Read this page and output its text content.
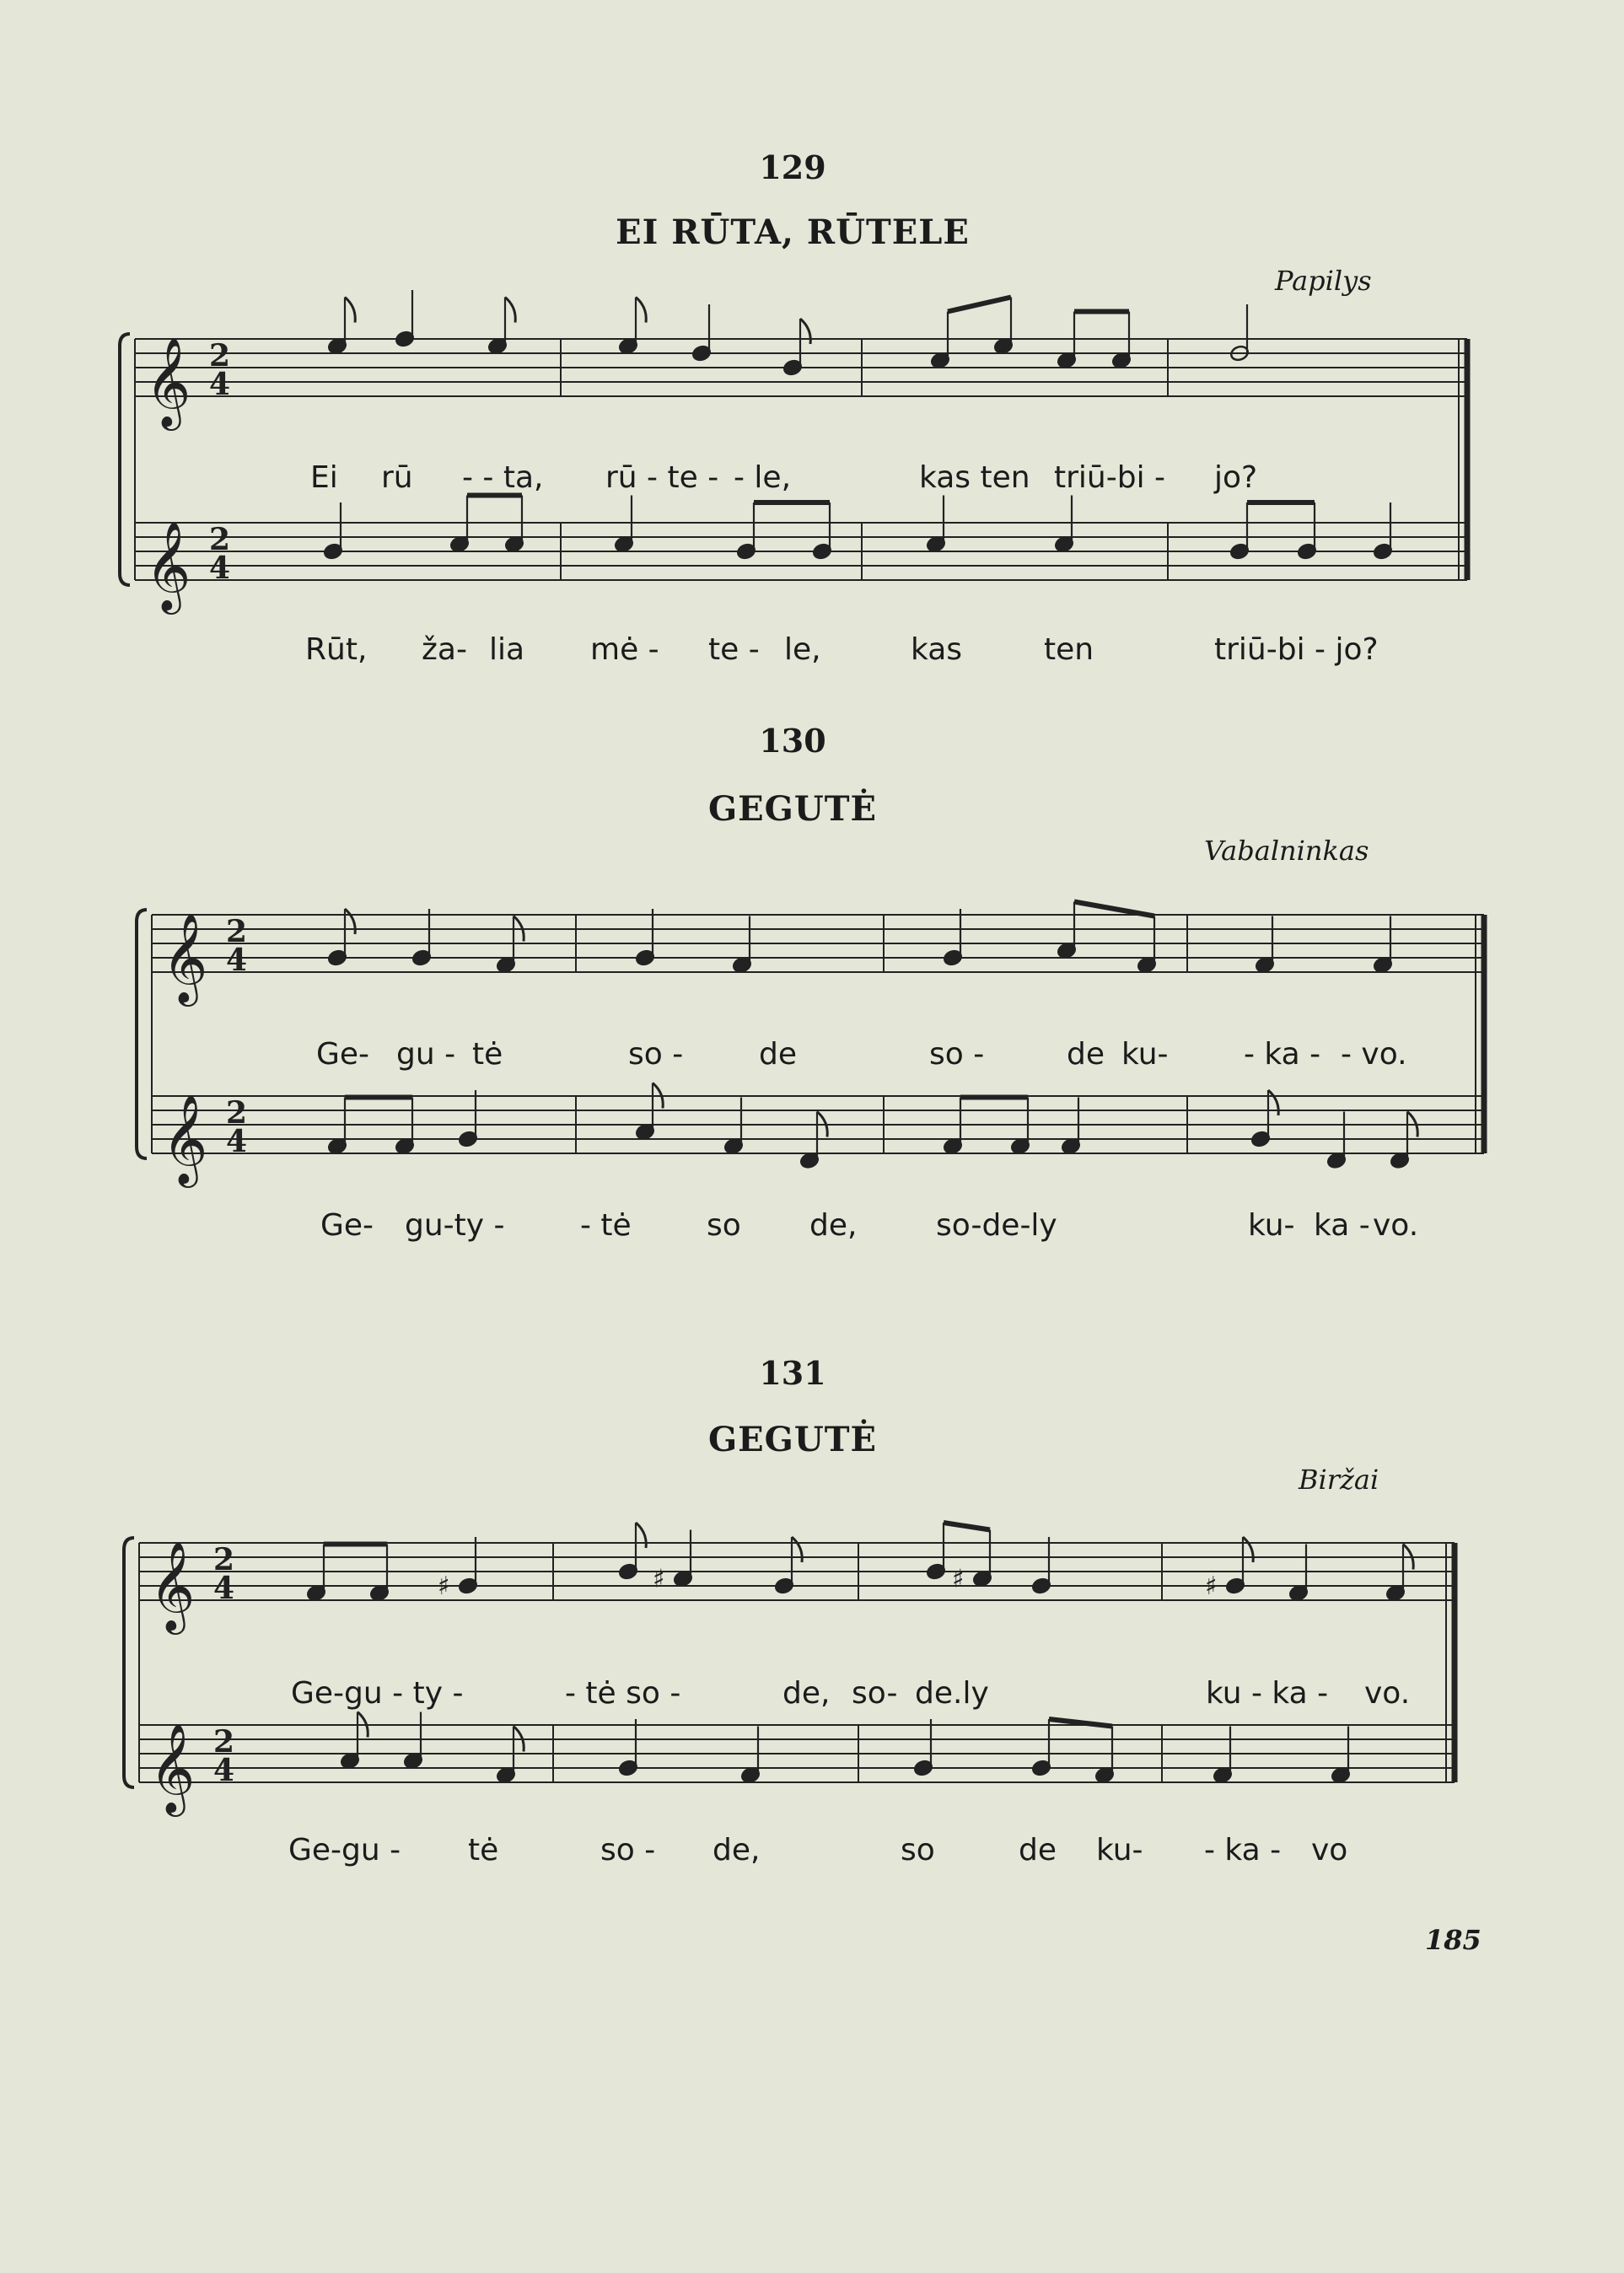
129
EI RŪTA, RŪTELE
Papilys
130
GEGUTĖ
Vabalninkas
131
GEGUTĖ
Biržai
185
𝄞 2
4
𝄞 2
4
𝄞 2
4
𝄞 2
4
𝄞 2
4
𝄞 2
4
♯	♯	♯	♯
Ei rū - - ta, rū - te - - le,	kas ten triū-bi - jo?
Rūt, ža- lia mė - te - le,	kas	ten	triū-bi - jo?
Ge- gu - tė	so - de	so -	de ku- - ka - - vo.
Ge- gu-ty - - tė so de,	so-de-ly	ku- ka - vo.
Ge-gu - ty -	- tė so -	de, so- de.ly	ku - ka - vo.
Ge-gu - tė	so - de,	so	de ku- - ka - vo
